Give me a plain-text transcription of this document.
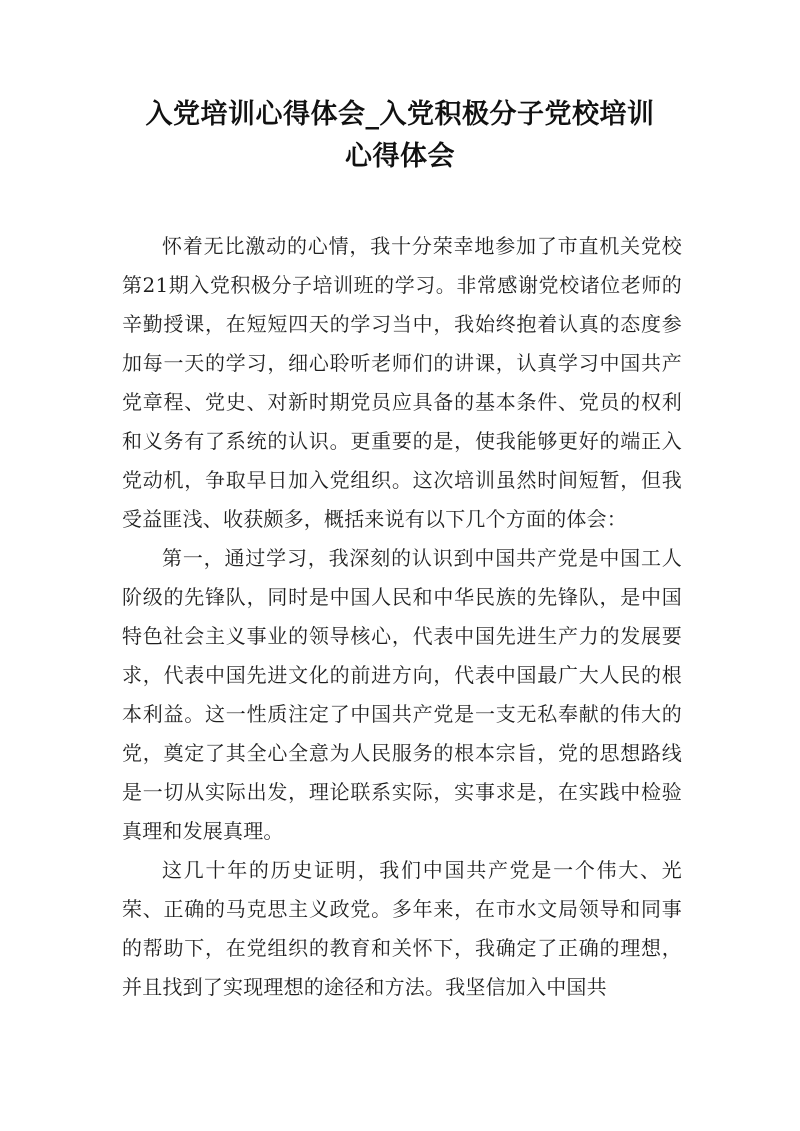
入党培训心得体会_入党积极分子党校培训
心得体会

怀着无比激动的心情，我十分荣幸地参加了市直机关党校第21期入党积极分子培训班的学习。非常感谢党校诸位老师的辛勤授课，在短短四天的学习当中，我始终抱着认真的态度参加每一天的学习，细心聆听老师们的讲课，认真学习中国共产党章程、党史、对新时期党员应具备的基本条件、党员的权利和义务有了系统的认识。更重要的是，使我能够更好的端正入党动机，争取早日加入党组织。这次培训虽然时间短暂，但我受益匪浅、收获颇多，概括来说有以下几个方面的体会：

第一，通过学习，我深刻的认识到中国共产党是中国工人阶级的先锋队，同时是中国人民和中华民族的先锋队，是中国特色社会主义事业的领导核心，代表中国先进生产力的发展要求，代表中国先进文化的前进方向，代表中国最广大人民的根本利益。这一性质注定了中国共产党是一支无私奉献的伟大的党，奠定了其全心全意为人民服务的根本宗旨，党的思想路线是一切从实际出发，理论联系实际，实事求是，在实践中检验真理和发展真理。

这几十年的历史证明，我们中国共产党是一个伟大、光荣、正确的马克思主义政党。多年来，在市水文局领导和同事的帮助下，在党组织的教育和关怀下，我确定了正确的理想，并且找到了实现理想的途径和方法。我坚信加入中国共
